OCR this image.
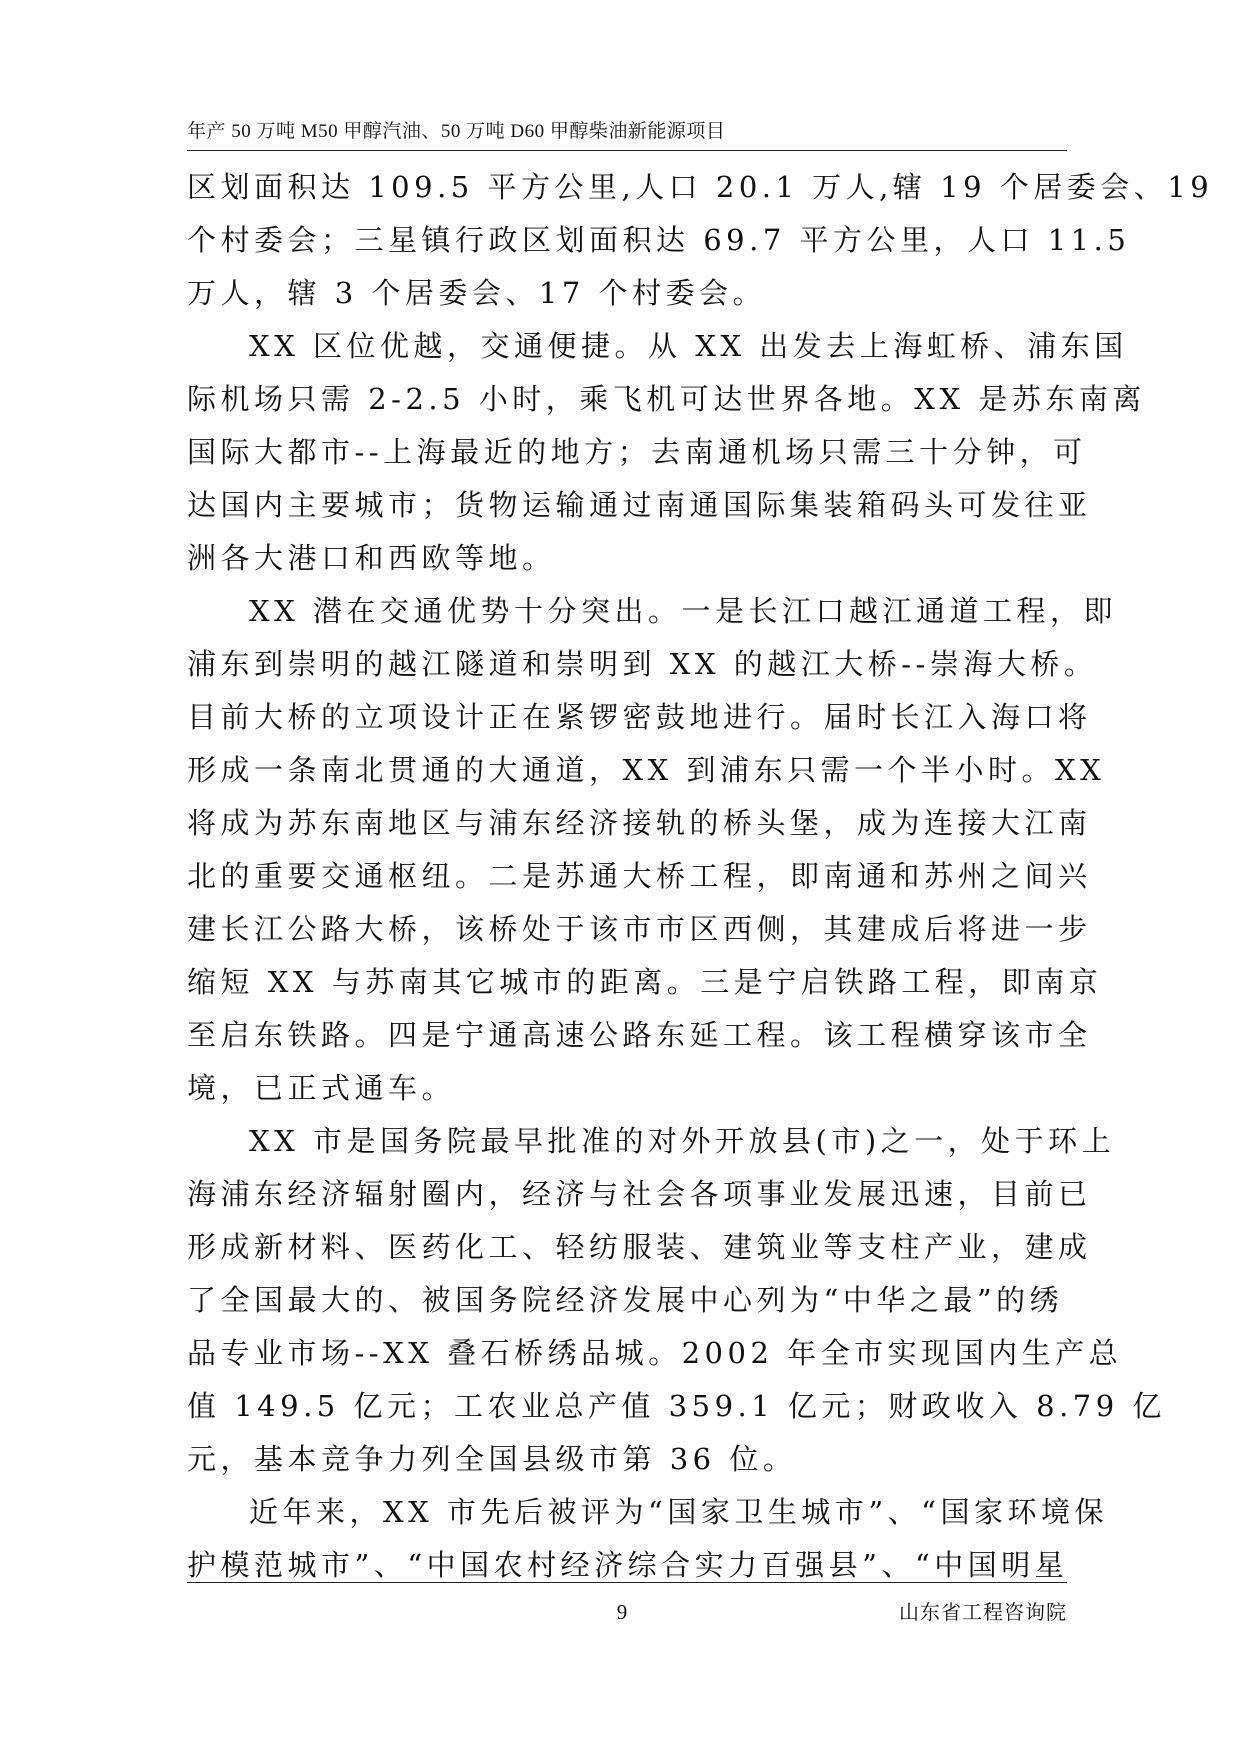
年产 50 万吨 M50 甲醇汽油、50 万吨 D60 甲醇柴油新能源项目

区划面积达 109.5 平方公里,人口 20.1 万人,辖 19 个居委会、19
个村委会；三星镇行政区划面积达 69.7 平方公里，人口 11.5
万人，辖 3 个居委会、17 个村委会。

XX 区位优越，交通便捷。从 XX 出发去上海虹桥、浦东国
际机场只需 2-2.5 小时，乘飞机可达世界各地。XX 是苏东南离
国际大都市--上海最近的地方；去南通机场只需三十分钟，可
达国内主要城市；货物运输通过南通国际集装箱码头可发往亚
洲各大港口和西欧等地。

XX 潜在交通优势十分突出。一是长江口越江通道工程，即
浦东到崇明的越江隧道和崇明到 XX 的越江大桥--崇海大桥。
目前大桥的立项设计正在紧锣密鼓地进行。届时长江入海口将
形成一条南北贯通的大通道，XX 到浦东只需一个半小时。XX
将成为苏东南地区与浦东经济接轨的桥头堡，成为连接大江南
北的重要交通枢纽。二是苏通大桥工程，即南通和苏州之间兴
建长江公路大桥，该桥处于该市市区西侧，其建成后将进一步
缩短 XX 与苏南其它城市的距离。三是宁启铁路工程，即南京
至启东铁路。四是宁通高速公路东延工程。该工程横穿该市全
境，已正式通车。

XX 市是国务院最早批准的对外开放县(市)之一，处于环上
海浦东经济辐射圈内，经济与社会各项事业发展迅速，目前已
形成新材料、医药化工、轻纺服装、建筑业等支柱产业，建成
了全国最大的、被国务院经济发展中心列为“中华之最”的绣
品专业市场--XX 叠石桥绣品城。2002 年全市实现国内生产总
值 149.5 亿元；工农业总产值 359.1 亿元；财政收入 8.79 亿
元，基本竞争力列全国县级市第 36 位。

近年来，XX 市先后被评为“国家卫生城市”、“国家环境保
护模范城市”、“中国农村经济综合实力百强县”、“中国明星

9	山东省工程咨询院
